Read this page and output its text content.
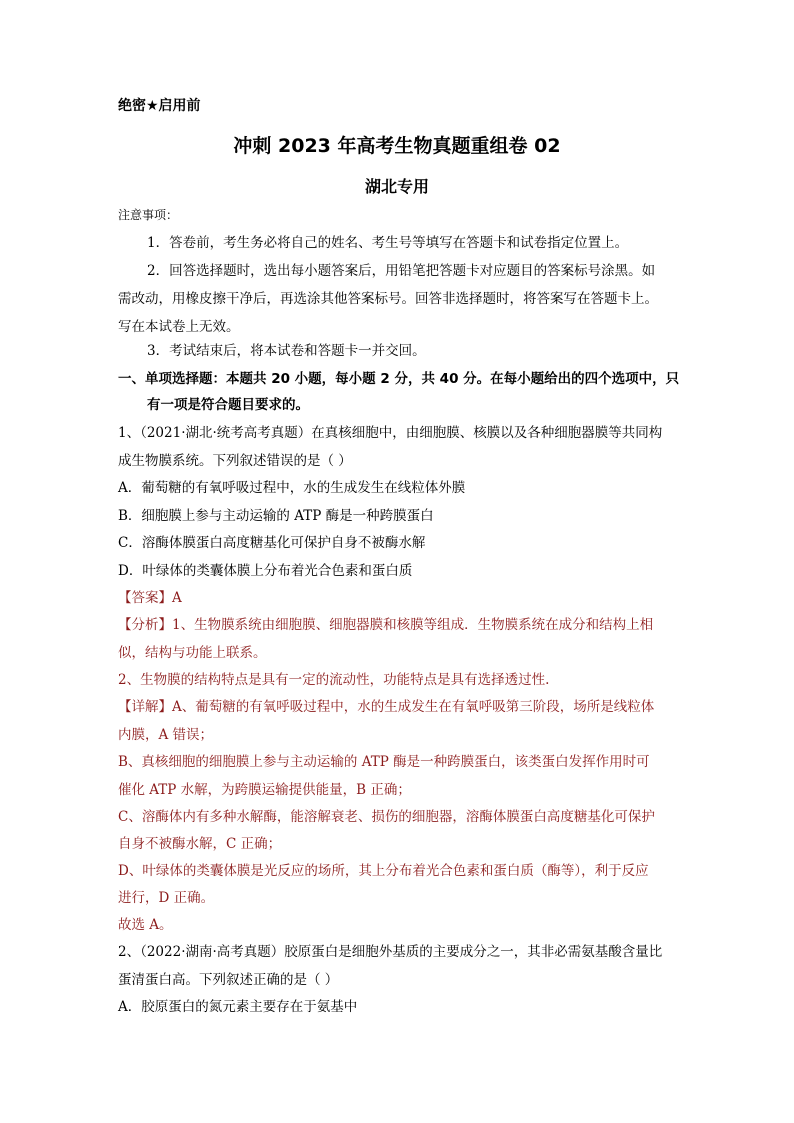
绝密★启用前
冲刺 2023 年高考生物真题重组卷 02
湖北专用
注意事项：
1．答卷前，考生务必将自己的姓名、考生号等填写在答题卡和试卷指定位置上。
2．回答选择题时，选出每小题答案后，用铅笔把答题卡对应题目的答案标号涂黑。如
需改动，用橡皮擦干净后，再选涂其他答案标号。回答非选择题时，将答案写在答题卡上。
写在本试卷上无效。
3．考试结束后，将本试卷和答题卡一并交回。
一、单项选择题：本题共 20 小题，每小题 2 分，共 40 分。在每小题给出的四个选项中，只
有一项是符合题目要求的。
1、（2021·湖北·统考高考真题）在真核细胞中，由细胞膜、核膜以及各种细胞器膜等共同构
成生物膜系统。下列叙述错误的是（ ）
A．葡萄糖的有氧呼吸过程中，水的生成发生在线粒体外膜
B．细胞膜上参与主动运输的 ATP 酶是一种跨膜蛋白
C．溶酶体膜蛋白高度糖基化可保护自身不被酶水解
D．叶绿体的类囊体膜上分布着光合色素和蛋白质
【答案】A
【分析】1、生物膜系统由细胞膜、细胞器膜和核膜等组成．生物膜系统在成分和结构上相
似，结构与功能上联系。
2、生物膜的结构特点是具有一定的流动性，功能特点是具有选择透过性.
【详解】A、葡萄糖的有氧呼吸过程中，水的生成发生在有氧呼吸第三阶段，场所是线粒体
内膜，A 错误；
B、真核细胞的细胞膜上参与主动运输的 ATP 酶是一种跨膜蛋白，该类蛋白发挥作用时可
催化 ATP 水解，为跨膜运输提供能量，B 正确；
C、溶酶体内有多种水解酶，能溶解衰老、损伤的细胞器，溶酶体膜蛋白高度糖基化可保护
自身不被酶水解，C 正确；
D、叶绿体的类囊体膜是光反应的场所，其上分布着光合色素和蛋白质（酶等），利于反应
进行，D 正确。
故选 A。
2、（2022·湖南·高考真题）胶原蛋白是细胞外基质的主要成分之一，其非必需氨基酸含量比
蛋清蛋白高。下列叙述正确的是（ ）
A．胶原蛋白的氮元素主要存在于氨基中
